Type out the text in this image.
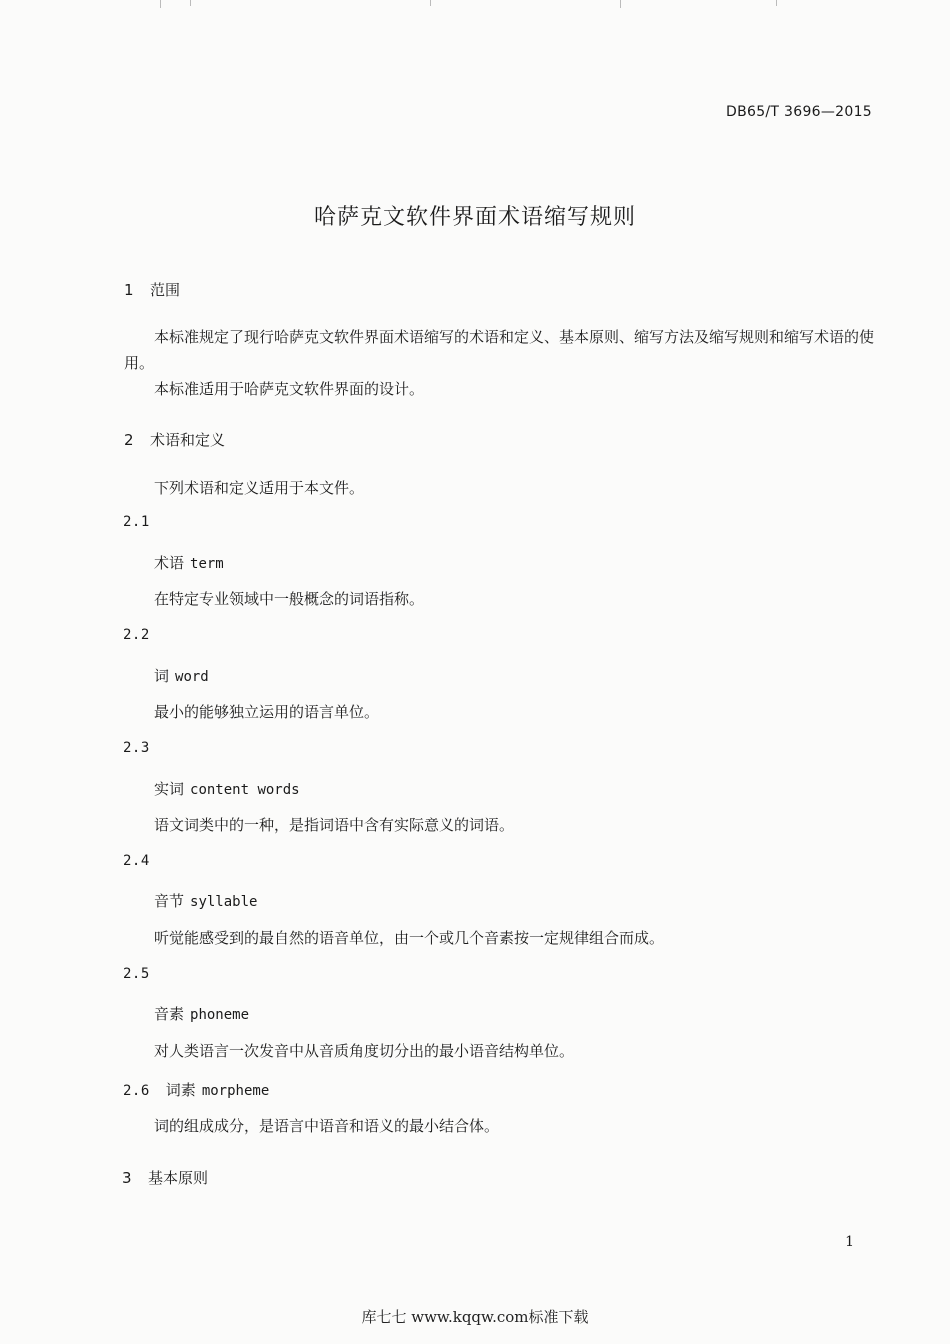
DB65/T 3696—2015
哈萨克文软件界面术语缩写规则
1 范围
本标准规定了现行哈萨克文软件界面术语缩写的术语和定义、基本原则、缩写方法及缩写规则和缩写术语的使用。
本标准适用于哈萨克文软件界面的设计。
2 术语和定义
下列术语和定义适用于本文件。
2.1
术语 term
在特定专业领域中一般概念的词语指称。
2.2
词 word
最小的能够独立运用的语言单位。
2.3
实词 content words
语文词类中的一种，是指词语中含有实际意义的词语。
2.4
音节 syllable
听觉能感受到的最自然的语音单位，由一个或几个音素按一定规律组合而成。
2.5
音素 phoneme
对人类语言一次发音中从音质角度切分出的最小语音结构单位。
2.6 词素 morpheme
词的组成成分，是语言中语音和语义的最小结合体。
3 基本原则
1
库七七 www.kqqw.com标准下载
